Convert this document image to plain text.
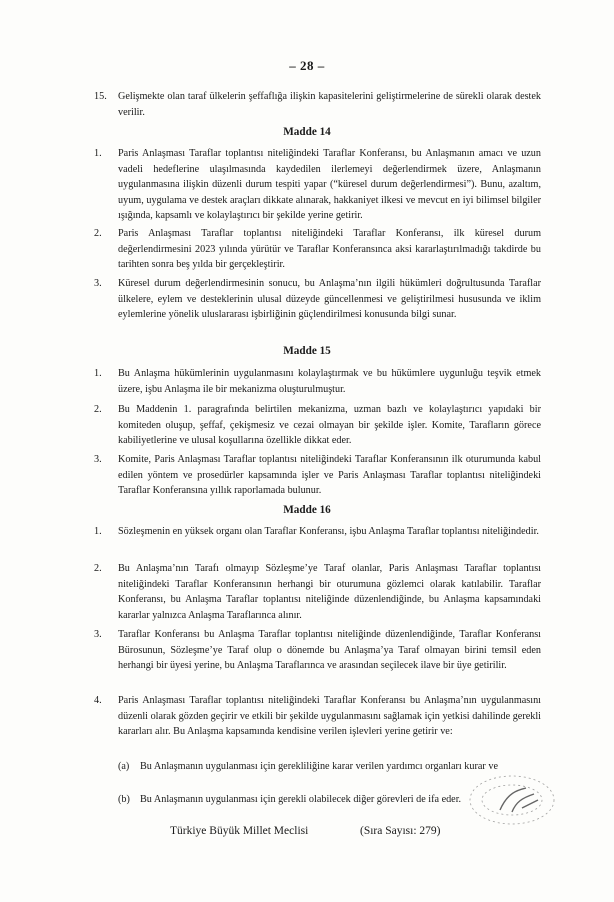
– 28 –
15. Gelişmekte olan taraf ülkelerin şeffaflığa ilişkin kapasitelerini geliştirmelerine de sürekli olarak destek verilir.
Madde 14
1. Paris Anlaşması Taraflar toplantısı niteliğindeki Taraflar Konferansı, bu Anlaşmanın amacı ve uzun vadeli hedeflerine ulaşılmasında kaydedilen ilerlemeyi değerlendirmek üzere, Anlaşmanın uygulanmasına ilişkin düzenli durum tespiti yapar (“küresel durum değerlendirmesi”). Bunu, azaltım, uyum, uygulama ve destek araçları dikkate alınarak, hakkaniyet ilkesi ve mevcut en iyi bilimsel bilgiler ışığında, kapsamlı ve kolaylaştırıcı bir şekilde yerine getirir.
2. Paris Anlaşması Taraflar toplantısı niteliğindeki Taraflar Konferansı, ilk küresel durum değerlendirmesini 2023 yılında yürütür ve Taraflar Konferansınca aksi kararlaştırılmadığı takdirde bu tarihten sonra beş yılda bir gerçekleştirir.
3. Küresel durum değerlendirmesinin sonucu, bu Anlaşma’nın ilgili hükümleri doğrultusunda Taraflar ülkelere, eylem ve desteklerinin ulusal düzeyde güncellenmesi ve geliştirilmesi hususunda ve iklim eylemlerine yönelik uluslararası işbirliğinin güçlendirilmesi konusunda bilgi sunar.
Madde 15
1. Bu Anlaşma hükümlerinin uygulanmasını kolaylaştırmak ve bu hükümlere uygunluğu teşvik etmek üzere, işbu Anlaşma ile bir mekanizma oluşturulmuştur.
2. Bu Maddenin 1. paragrafında belirtilen mekanizma, uzman bazlı ve kolaylaştırıcı yapıdaki bir komiteden oluşup, şeffaf, çekişmesiz ve cezai olmayan bir şekilde işler. Komite, Tarafların görece kabiliyetlerine ve ulusal koşullarına özellikle dikkat eder.
3. Komite, Paris Anlaşması Taraflar toplantısı niteliğindeki Taraflar Konferansının ilk oturumunda kabul edilen yöntem ve prosedürler kapsamında işler ve Paris Anlaşması Taraflar toplantısı niteliğindeki Taraflar Konferansına yıllık raporlamada bulunur.
Madde 16
1. Sözleşmenin en yüksek organı olan Taraflar Konferansı, işbu Anlaşma Taraflar toplantısı niteliğindedir.
2. Bu Anlaşma’nın Tarafı olmayıp Sözleşme’ye Taraf olanlar, Paris Anlaşması Taraflar toplantısı niteliğindeki Taraflar Konferansının herhangi bir oturumuna gözlemci olarak katılabilir. Taraflar Konferansı, bu Anlaşma Taraflar toplantısı niteliğinde düzenlendiğinde, bu Anlaşma kapsamındaki kararlar yalnızca Anlaşma Taraflarınca alınır.
3. Taraflar Konferansı bu Anlaşma Taraflar toplantısı niteliğinde düzenlendiğinde, Taraflar Konferansı Bürosunun, Sözleşme’ye Taraf olup o dönemde bu Anlaşma’ya Taraf olmayan birini temsil eden herhangi bir üyesi yerine, bu Anlaşma Taraflarınca ve arasından seçilecek ilave bir üye getirilir.
4. Paris Anlaşması Taraflar toplantısı niteliğindeki Taraflar Konferansı bu Anlaşma’nın uygulanmasını düzenli olarak gözden geçirir ve etkili bir şekilde uygulanmasını sağlamak için yetkisi dahilinde gerekli kararları alır. Bu Anlaşma kapsamında kendisine verilen işlevleri yerine getirir ve:
(a) Bu Anlaşmanın uygulanması için gerekliliğine karar verilen yardımcı organları kurar ve
(b) Bu Anlaşmanın uygulanması için gerekli olabilecek diğer görevleri de ifa eder.
Türkiye Büyük Millet Meclisi	(Sıra Sayısı: 279)
